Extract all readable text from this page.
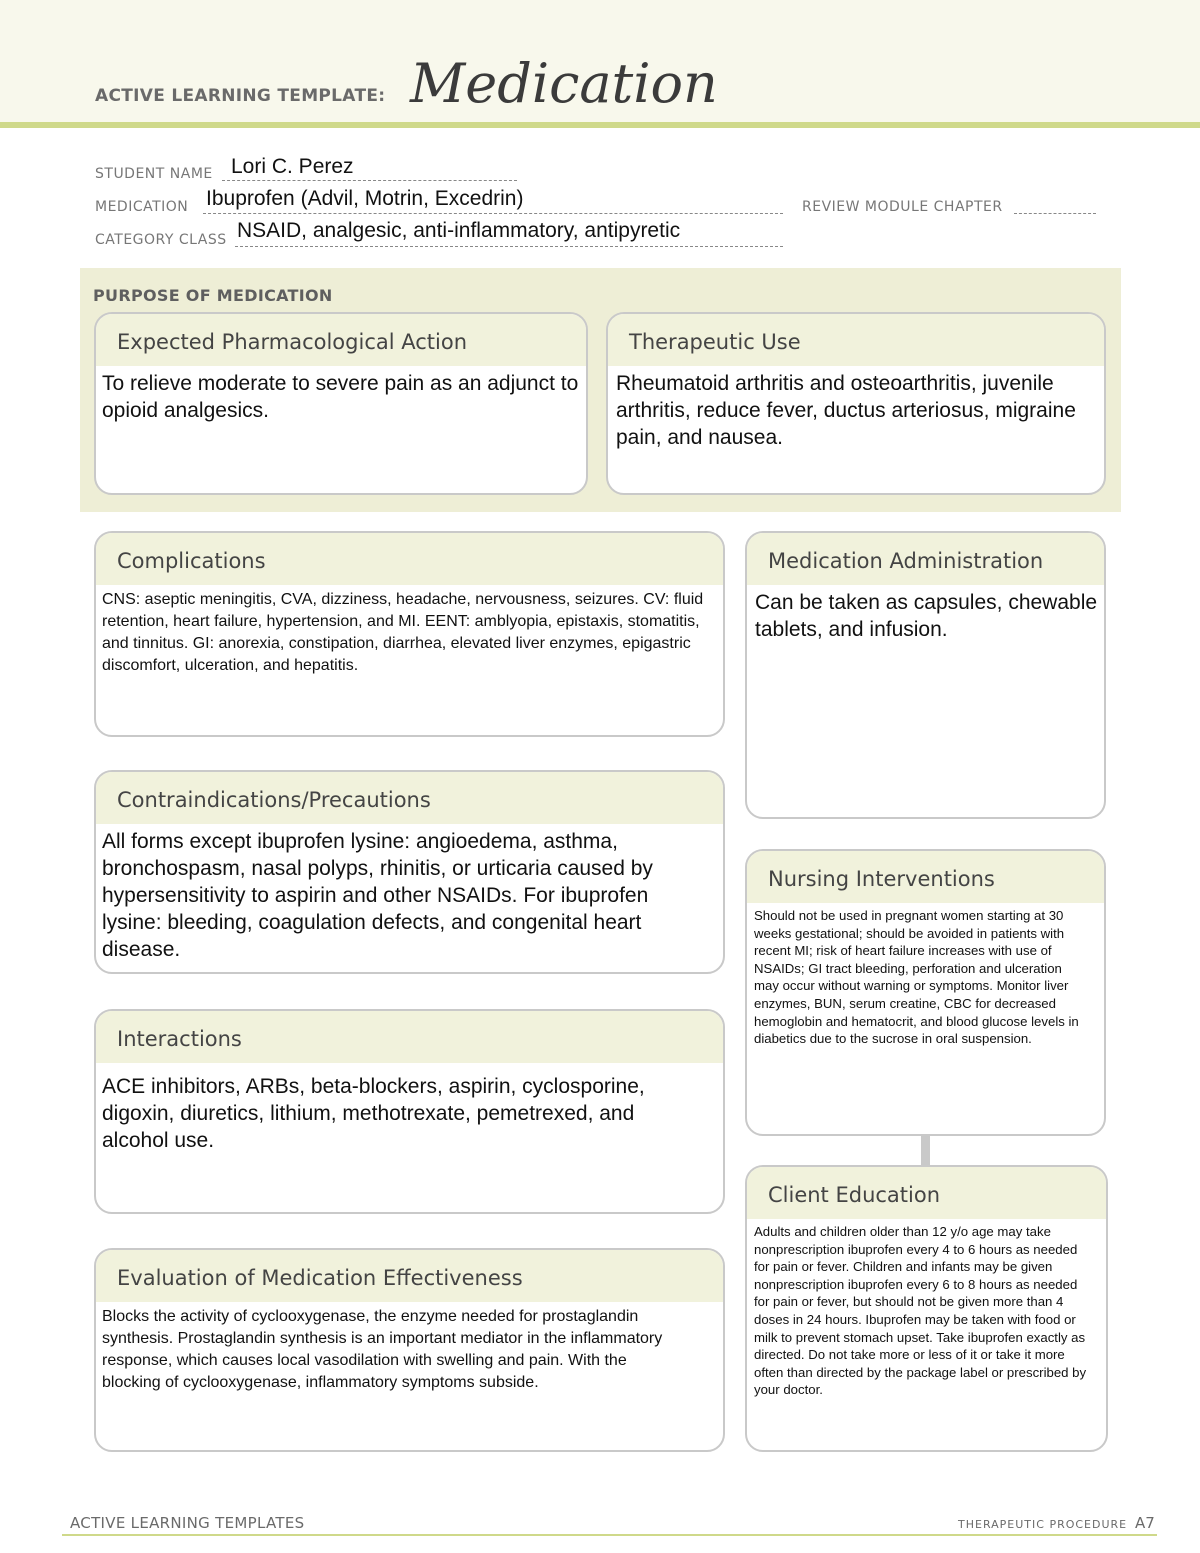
ACTIVE LEARNING TEMPLATE: Medication
STUDENT NAME Lori C. Perez
MEDICATION Ibuprofen (Advil, Motrin, Excedrin)	REVIEW MODULE CHAPTER
CATEGORY CLASS NSAID, analgesic, anti-inflammatory, antipyretic
PURPOSE OF MEDICATION
Expected Pharmacological Action
To relieve moderate to severe pain as an adjunct to opioid analgesics.
Therapeutic Use
Rheumatoid arthritis and osteoarthritis, juvenile arthritis, reduce fever, ductus arteriosus, migraine pain, and nausea.
Complications
CNS: aseptic meningitis, CVA, dizziness, headache, nervousness, seizures. CV: fluid retention, heart failure, hypertension, and MI. EENT: amblyopia, epistaxis, stomatitis, and tinnitus. GI: anorexia, constipation, diarrhea, elevated liver enzymes, epigastric discomfort, ulceration, and hepatitis.
Contraindications/Precautions
All forms except ibuprofen lysine: angioedema, asthma, bronchospasm, nasal polyps, rhinitis, or urticaria caused by hypersensitivity to aspirin and other NSAIDs. For ibuprofen lysine: bleeding, coagulation defects, and congenital heart disease.
Interactions
ACE inhibitors, ARBs, beta-blockers, aspirin, cyclosporine, digoxin, diuretics, lithium, methotrexate, pemetrexed, and alcohol use.
Evaluation of Medication Effectiveness
Blocks the activity of cyclooxygenase, the enzyme needed for prostaglandin synthesis. Prostaglandin synthesis is an important mediator in the inflammatory response, which causes local vasodilation with swelling and pain. With the blocking of cyclooxygenase, inflammatory symptoms subside.
Medication Administration
Can be taken as capsules, chewable tablets, and infusion.
Nursing Interventions
Should not be used in pregnant women starting at 30 weeks gestational; should be avoided in patients with recent MI; risk of heart failure increases with use of NSAIDs; GI tract bleeding, perforation and ulceration may occur without warning or symptoms. Monitor liver enzymes, BUN, serum creatine, CBC for decreased hemoglobin and hematocrit, and blood glucose levels in diabetics due to the sucrose in oral suspension.
Client Education
Adults and children older than 12 y/o age may take nonprescription ibuprofen every 4 to 6 hours as needed for pain or fever. Children and infants may be given nonprescription ibuprofen every 6 to 8 hours as needed for pain or fever, but should not be given more than 4 doses in 24 hours. Ibuprofen may be taken with food or milk to prevent stomach upset. Take ibuprofen exactly as directed. Do not take more or less of it or take it more often than directed by the package label or prescribed by your doctor.
ACTIVE LEARNING TEMPLATES	THERAPEUTIC PROCEDURE A7
